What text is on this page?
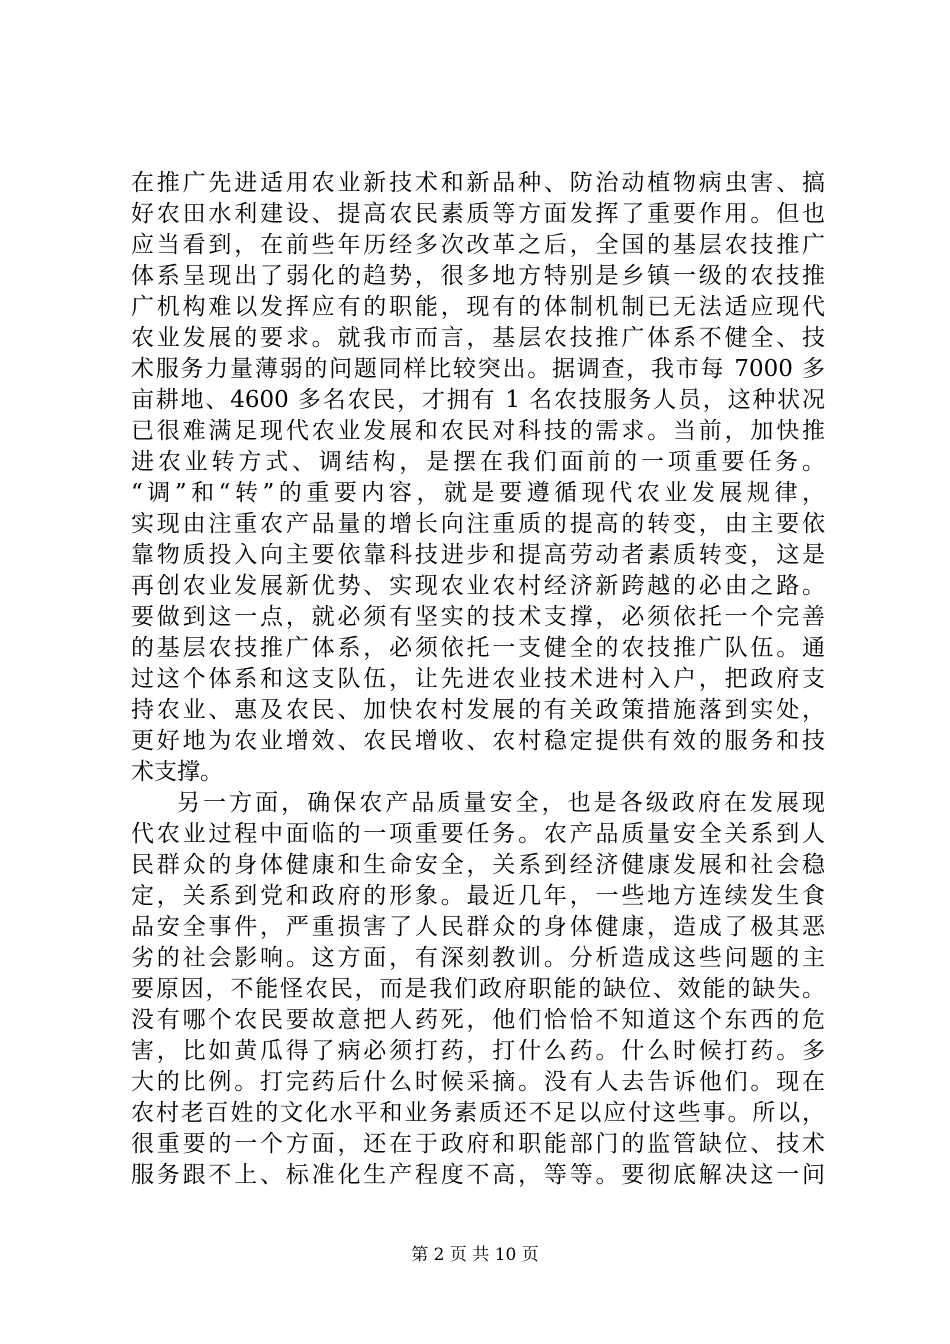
在推广先进适用农业新技术和新品种、防治动植物病虫害、搞
好农田水利建设、提高农民素质等方面发挥了重要作用。但也
应当看到，在前些年历经多次改革之后，全国的基层农技推广
体系呈现出了弱化的趋势，很多地方特别是乡镇一级的农技推
广机构难以发挥应有的职能，现有的体制机制已无法适应现代
农业发展的要求。就我市而言，基层农技推广体系不健全、技
术服务力量薄弱的问题同样比较突出。据调查，我市每 7000 多
亩耕地、4600 多名农民，才拥有 1 名农技服务人员，这种状况
已很难满足现代农业发展和农民对科技的需求。当前，加快推
进农业转方式、调结构，是摆在我们面前的一项重要任务。
“调”和“转”的重要内容，就是要遵循现代农业发展规律，
实现由注重农产品量的增长向注重质的提高的转变，由主要依
靠物质投入向主要依靠科技进步和提高劳动者素质转变，这是
再创农业发展新优势、实现农业农村经济新跨越的必由之路。
要做到这一点，就必须有坚实的技术支撑，必须依托一个完善
的基层农技推广体系，必须依托一支健全的农技推广队伍。通
过这个体系和这支队伍，让先进农业技术进村入户，把政府支
持农业、惠及农民、加快农村发展的有关政策措施落到实处，
更好地为农业增效、农民增收、农村稳定提供有效的服务和技
术支撑。
另一方面，确保农产品质量安全，也是各级政府在发展现
代农业过程中面临的一项重要任务。农产品质量安全关系到人
民群众的身体健康和生命安全，关系到经济健康发展和社会稳
定，关系到党和政府的形象。最近几年，一些地方连续发生食
品安全事件，严重损害了人民群众的身体健康，造成了极其恶
劣的社会影响。这方面，有深刻教训。分析造成这些问题的主
要原因，不能怪农民，而是我们政府职能的缺位、效能的缺失。
没有哪个农民要故意把人药死，他们恰恰不知道这个东西的危
害，比如黄瓜得了病必须打药，打什么药。什么时候打药。多
大的比例。打完药后什么时候采摘。没有人去告诉他们。现在
农村老百姓的文化水平和业务素质还不足以应付这些事。所以，
很重要的一个方面，还在于政府和职能部门的监管缺位、技术
服务跟不上、标准化生产程度不高，等等。要彻底解决这一问
第 2 页 共 10 页
